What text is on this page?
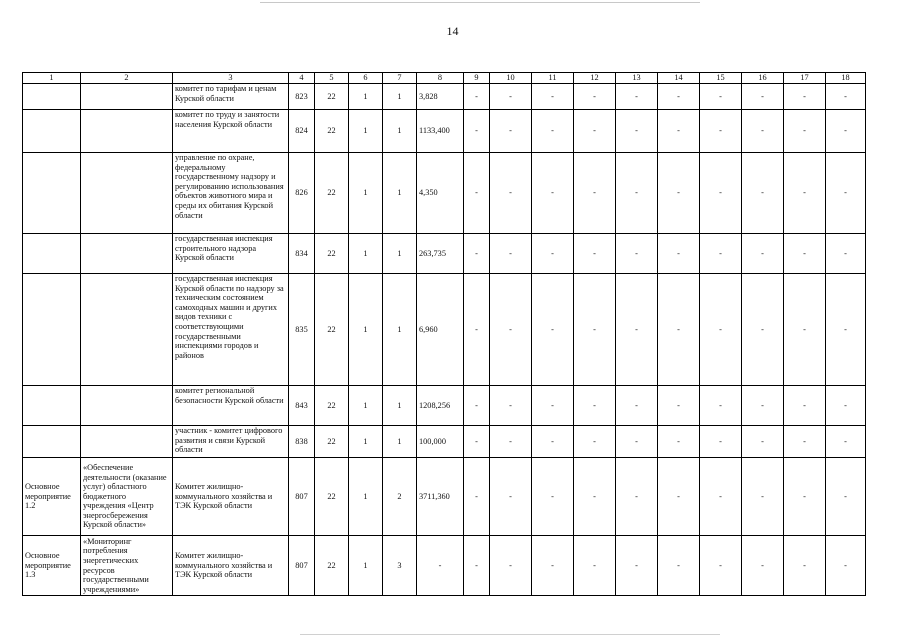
14
1	2	3	4	5	6	7	8	9	10	11	12	13	14	15	16	17	18
		комитет по тарифам и ценам Курской области	823	22	1	1	3,828	-	-	-	-	-	-	-	-	-	-
		комитет по труду и занятости населения Курской области	824	22	1	1	1133,400	-	-	-	-	-	-	-	-	-	-
		управление по охране, федеральному государственному надзору и регулированию использования объектов животного мира и среды их обитания Курской области	826	22	1	1	4,350	-	-	-	-	-	-	-	-	-	-
		государственная инспекция строительного надзора Курской области	834	22	1	1	263,735	-	-	-	-	-	-	-	-	-	-
		государственная инспекция Курской области по надзору за техническим состоянием самоходных машин и других видов техники с соответствующими государственными инспекциями городов и районов	835	22	1	1	6,960	-	-	-	-	-	-	-	-	-	-
		комитет региональной безопасности Курской области	843	22	1	1	1208,256	-	-	-	-	-	-	-	-	-	-
		участник - комитет цифрового развития и связи Курской области	838	22	1	1	100,000	-	-	-	-	-	-	-	-	-	-
Основное мероприятие 1.2	«Обеспечение деятельности (оказание услуг) областного бюджетного учреждения «Центр энергосбережения Курской области»	Комитет жилищно-коммунального хозяйства и ТЭК Курской области	807	22	1	2	3711,360	-	-	-	-	-	-	-	-	-	-
Основное мероприятие 1.3	«Мониторинг потребления энергетических ресурсов государственными учреждениями»	Комитет жилищно-коммунального хозяйства и ТЭК Курской области	807	22	1	3	-	-	-	-	-	-	-	-	-	-	-
